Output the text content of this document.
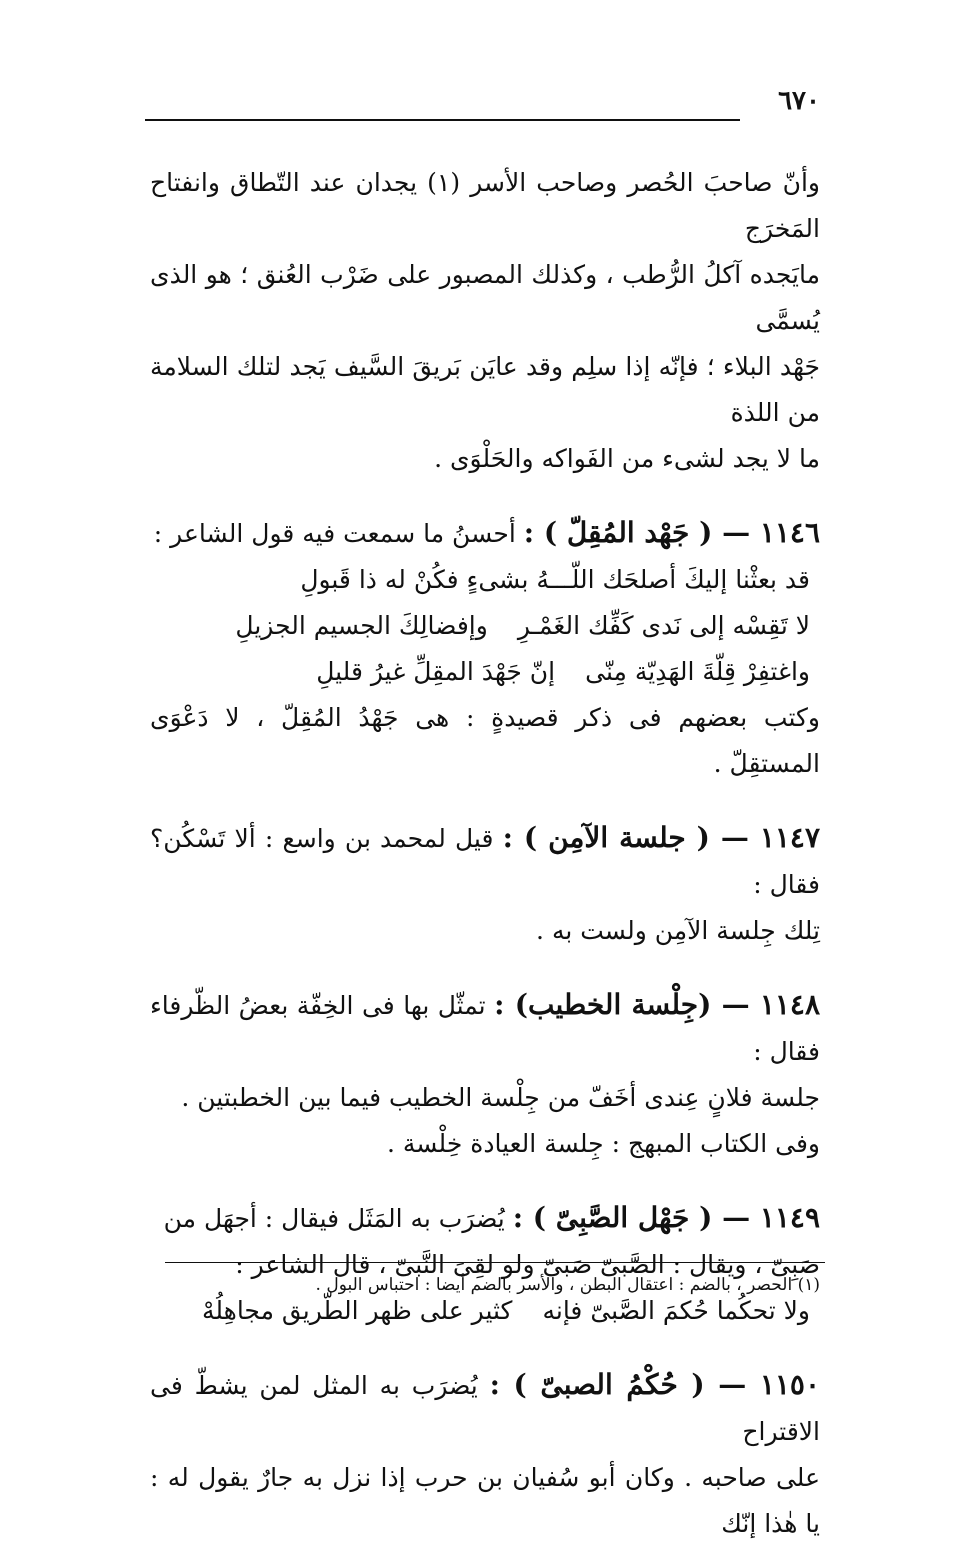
٦٧٠

وأنّ صاحبَ الحُصر وصاحب الأسر (١) يجدان عند التّطاق وانفتاح المَخرَج

مايَجده آكلُ الرُّطب ، وكذلك المصبور على ضَرْب العُنق ؛ هو الذى يُسمَّى

جَهْد البلاء ؛ فإنّه إذا سلِم وقد عايَن بَريقَ السَّيف يَجد لتلك السلامة من اللذة

ما لا يجد لشىء من الفَواكه والحَلْوَى .

١١٤٦ — ( جَهْد المُقِلّ ) : أحسنُ ما سمعت فيه قول الشاعر :

قد بعثْنا إليكَ أصلحَك اللّـــهُ بشىءٍ فكُنْ له ذا قَبولِ

لا تَقِسْه إلى نَدى كَفِّك الغَمْـرِ
وإفضالِكَ الجسيم الجزيلِ

واغتفِرْ قِلّةَ الهَدِيّة مِنّى
إنّ جَهْدَ المقِلِّ غيرُ قليلِ

وكتب بعضهم فى ذكر قصيدةٍ : هى جَهْدُ المُقِلّ ، لا دَعْوَى المستقِلّ .

١١٤٧ — ( جلسة الآمِن ) : قيل لمحمد بن واسع : ألا تَسْكُن؟ فقال :

تِلك جِلسة الآمِن ولست به .

١١٤٨ — (جِلْسة الخطيب) : تمثّل بها فى الخِفّة بعضُ الظّرفاء فقال :

جلسة فلانٍ عِندى أخَفّ من جِلْسة الخطيب فيما بين الخطبتين .

وفى الكتاب المبهج : جِلسة العيادة خِلْسة .

١١٤٩ — ( جَهْل الصَّبِىّ ) : يُضرَب به المَثَل فيقال : أجهَل من

صَبِىّ ، ويقال : الصَّبىّ صَبىّ ولو لقِىَ النَّبىّ ، قال الشاعر :

ولا تحكُما حُكمَ الصَّبىّ فإنه
كثير على ظهر الطّريق مجاهِلُهْ

١١٥٠ — ( حُكْمُ الصبىّ ) : يُضرَب به المثل لمن يشطّ فى الاقتراح

على صاحبه . وكان أبو سُفيان بن حرب إذا نزل به جارٌ يقول له : يا هٰذا إنّك

(١) الحصر ، بالضم : اعتقال البطن ، والأسر بالضم أيضا : احتباس البول .
